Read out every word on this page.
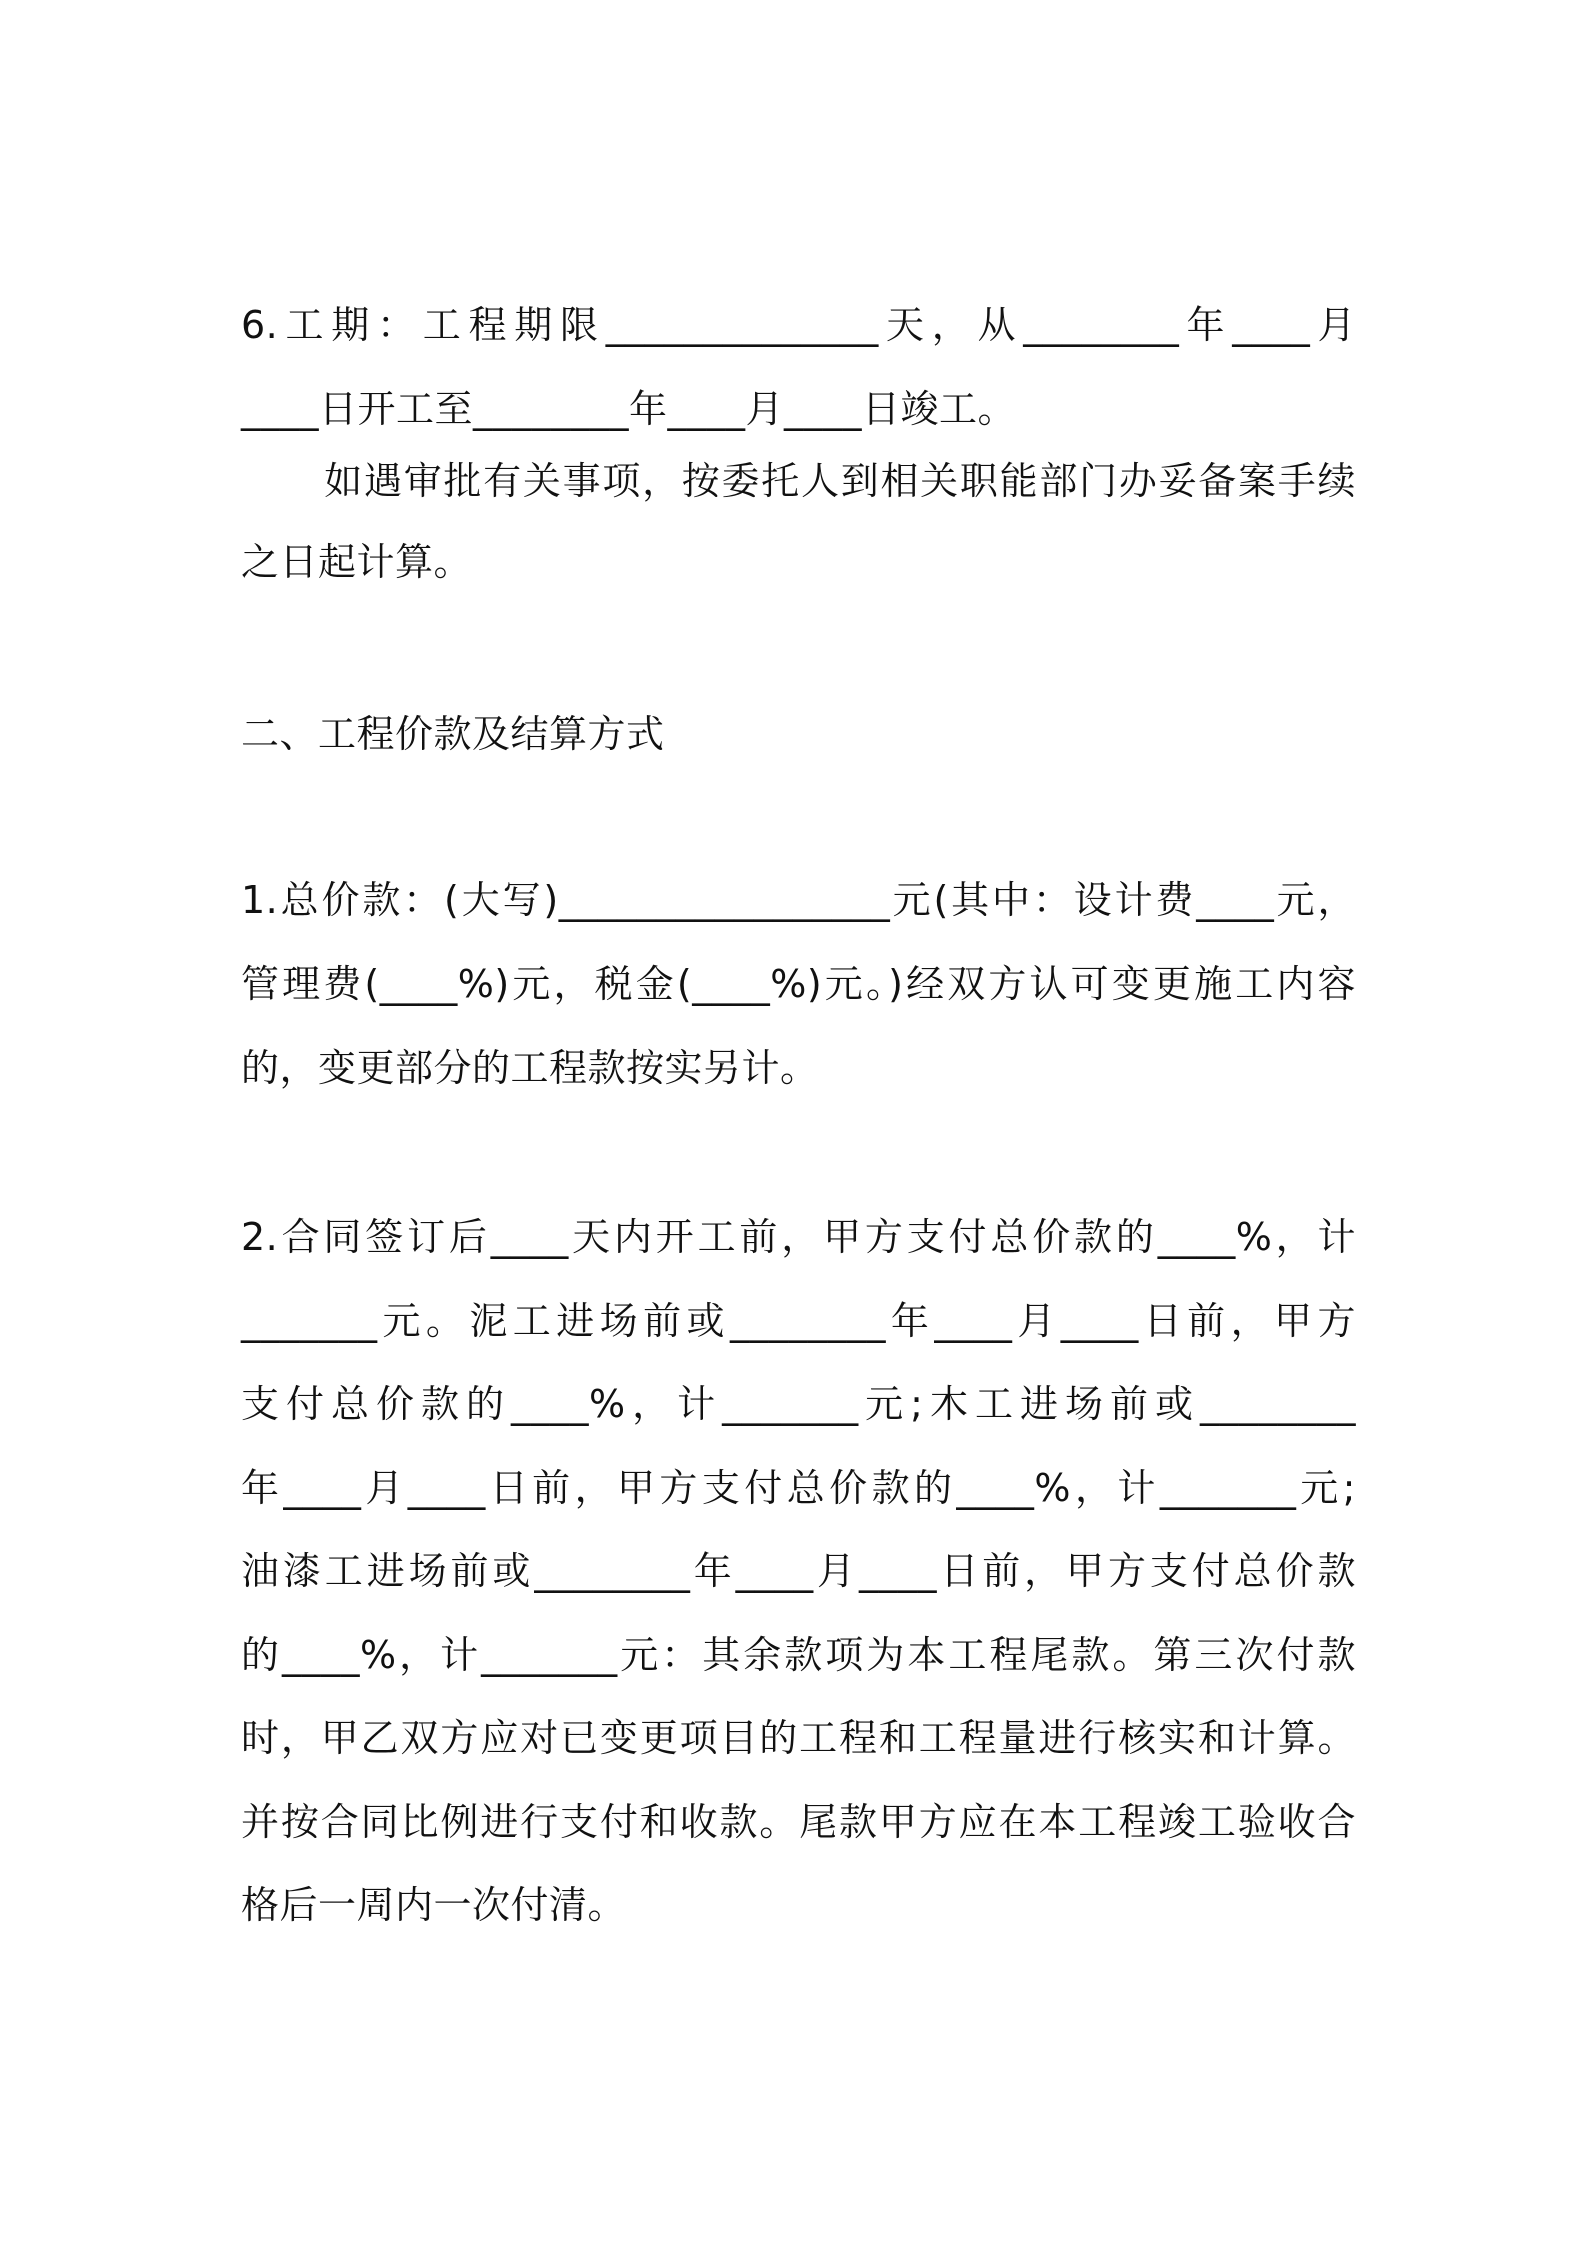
6.工期：工程期限______________天，从________年____月
____日开工至________年____月____日竣工。

如遇审批有关事项，按委托人到相关职能部门办妥备案手续
之日起计算。

二、工程价款及结算方式

1.总价款：(大写)_________________元(其中：设计费____元，
管理费(____%)元，税金(____%)元。)经双方认可变更施工内容
的，变更部分的工程款按实另计。

2.合同签订后____天内开工前，甲方支付总价款的____%，计
_______元。泥工进场前或________年____月____日前，甲方
支付总价款的____%，计_______元;木工进场前或________
年____月____日前，甲方支付总价款的____%，计_______元;
油漆工进场前或________年____月____日前，甲方支付总价款
的____%，计_______元：其余款项为本工程尾款。第三次付款
时，甲乙双方应对已变更项目的工程和工程量进行核实和计算。
并按合同比例进行支付和收款。尾款甲方应在本工程竣工验收合
格后一周内一次付清。
